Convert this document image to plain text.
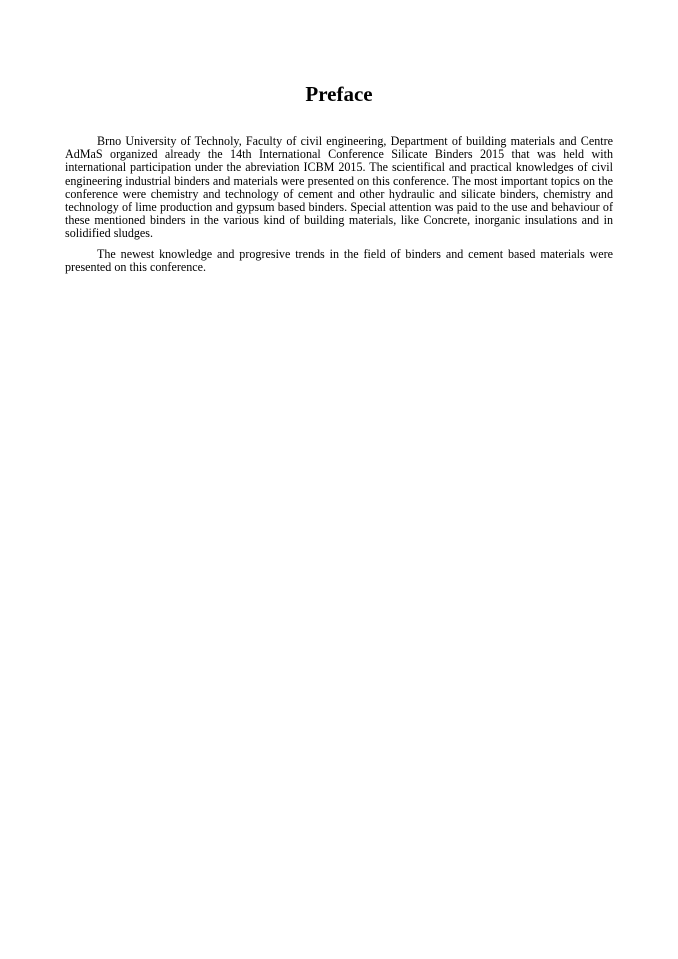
Preface

Brno University of Technoly, Faculty of civil engineering, Department of building materials and Centre AdMaS organized already the 14th International Conference Silicate Binders 2015 that was held with international participation under the abreviation ICBM 2015. The scientifical and practical knowledges of civil engineering industrial binders and materials were presented on this conference. The most important topics on the conference were chemistry and technology of cement and other hydraulic and silicate binders, chemistry and technology of lime production and gypsum based binders. Special attention was paid to the use and behaviour of these mentioned binders in the various kind of building materials, like Concrete, inorganic insulations and in solidified sludges.

The newest knowledge and progresive trends in the field of binders and cement based materials were presented on this conference.
